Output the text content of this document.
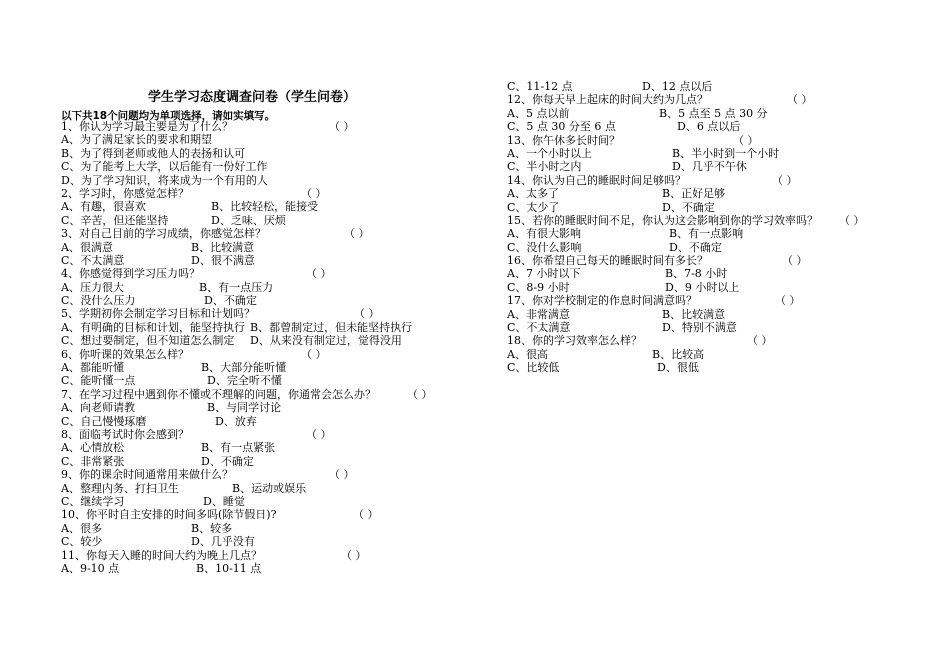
学生学习态度调查问卷（学生问卷）
以下共18个问题均为单项选择，请如实填写。
1、你认为学习最主要是为了什么？	（ ）
A、为了满足家长的要求和期望
B、为了得到老师或他人的表扬和认可
C、为了能考上大学，以后能有一份好工作
D、为了学习知识，将来成为一个有用的人
2、学习时，你感觉怎样？	（ ）
A、有趣，很喜欢	B、比较轻松，能接受
C、辛苦，但还能坚持	D、乏味、厌烦
3、对自己目前的学习成绩，你感觉怎样？	（ ）
A、很满意	B、比较满意
C、不太满意	D、很不满意
4、你感觉得到学习压力吗？	（ ）
A、压力很大	B、有一点压力
C、没什么压力	D、不确定
5、学期初你会制定学习目标和计划吗？	（ ）
A、有明确的目标和计划，能坚持执行 B、都曾制定过，但未能坚持执行
C、想过要制定，但不知道怎么制定 D、从来没有制定过，觉得没用
6、你听课的效果怎么样？	（ ）
A、都能听懂	B、大部分能听懂
C、能听懂一点	D、完全听不懂
7、在学习过程中遇到你不懂或不理解的问题，你通常会怎么办？	（ ）
A、向老师请教	B、与同学讨论
C、自己慢慢琢磨	D、放弃
8、面临考试时你会感到？	（ ）
A、心情放松	B、有一点紧张
C、非常紧张	D、不确定
9、你的课余时间通常用来做什么？	（ ）
A、整理内务、打扫卫生	B、运动或娱乐
C、继续学习	D、睡觉
10、你平时自主安排的时间多吗(除节假日)?	（ ）
A、很多	B、较多
C、较少	D、几乎没有
11、你每天入睡的时间大约为晚上几点？	（ ）
A、9-10 点	B、10-11 点
C、11-12 点	D、12 点以后
12、你每天早上起床的时间大约为几点？	（ ）
A、5 点以前	B、5 点至 5 点 30 分
C、5 点 30 分至 6 点	D、6 点以后
13、你午休多长时间？	（ ）
A、一个小时以上	B、半小时到一个小时
C、半小时之内	D、几乎不午休
14、你认为自己的睡眠时间足够吗？	（ ）
A、太多了	B、正好足够
C、太少了	D、不确定
15、若你的睡眠时间不足，你认为这会影响到你的学习效率吗？ （ ）
A、有很大影响	B、有一点影响
C、没什么影响	D、不确定
16、你希望自己每天的睡眠时间有多长？	（ ）
A、7 小时以下	B、7-8 小时
C、8-9 小时	D、9 小时以上
17、你对学校制定的作息时间满意吗？	（ ）
A、非常满意	B、比较满意
C、不太满意	D、特别不满意
18、你的学习效率怎么样？	（ ）
A、很高	B、比较高
C、比较低	D、很低
